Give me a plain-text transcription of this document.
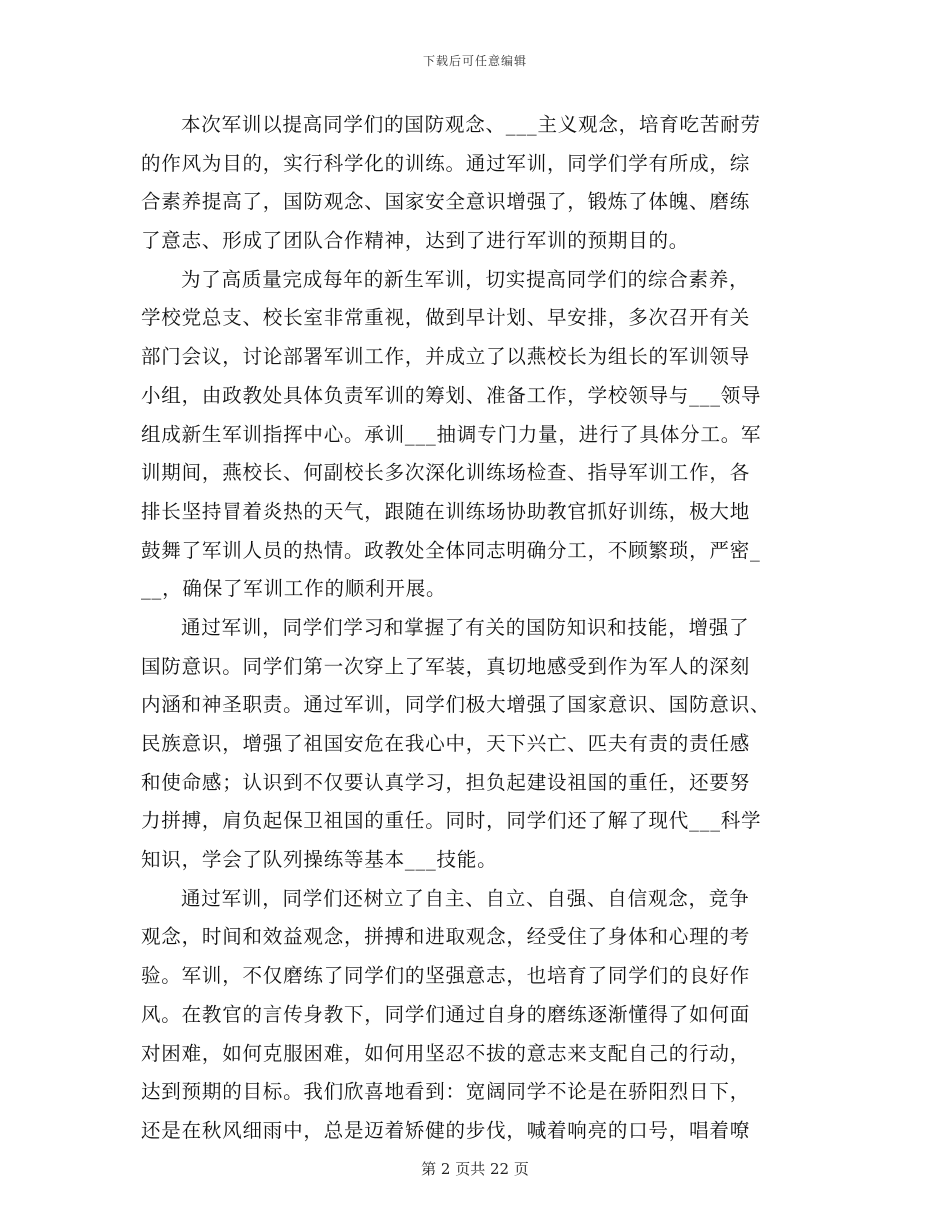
下载后可任意编辑
本次军训以提高同学们的国防观念、___主义观念，培育吃苦耐劳
的作风为目的，实行科学化的训练。通过军训，同学们学有所成，综
合素养提高了，国防观念、国家安全意识增强了，锻炼了体魄、磨练
了意志、形成了团队合作精神，达到了进行军训的预期目的。
为了高质量完成每年的新生军训，切实提高同学们的综合素养，
学校党总支、校长室非常重视，做到早计划、早安排，多次召开有关
部门会议，讨论部署军训工作，并成立了以燕校长为组长的军训领导
小组，由政教处具体负责军训的筹划、准备工作，学校领导与___领导
组成新生军训指挥中心。承训___抽调专门力量，进行了具体分工。军
训期间，燕校长、何副校长多次深化训练场检查、指导军训工作，各
排长坚持冒着炎热的天气，跟随在训练场协助教官抓好训练，极大地
鼓舞了军训人员的热情。政教处全体同志明确分工，不顾繁琐，严密_
__，确保了军训工作的顺利开展。
通过军训，同学们学习和掌握了有关的国防知识和技能，增强了
国防意识。同学们第一次穿上了军装，真切地感受到作为军人的深刻
内涵和神圣职责。通过军训，同学们极大增强了国家意识、国防意识、
民族意识，增强了祖国安危在我心中，天下兴亡、匹夫有责的责任感
和使命感；认识到不仅要认真学习，担负起建设祖国的重任，还要努
力拼搏，肩负起保卫祖国的重任。同时，同学们还了解了现代___科学
知识，学会了队列操练等基本___技能。
通过军训，同学们还树立了自主、自立、自强、自信观念，竞争
观念，时间和效益观念，拼搏和进取观念，经受住了身体和心理的考
验。军训，不仅磨练了同学们的坚强意志，也培育了同学们的良好作
风。在教官的言传身教下，同学们通过自身的磨练逐渐懂得了如何面
对困难，如何克服困难，如何用坚忍不拔的意志来支配自己的行动，
达到预期的目标。我们欣喜地看到：宽阔同学不论是在骄阳烈日下，
还是在秋风细雨中，总是迈着矫健的步伐，喊着响亮的口号，唱着嘹
第 2 页共 22 页
